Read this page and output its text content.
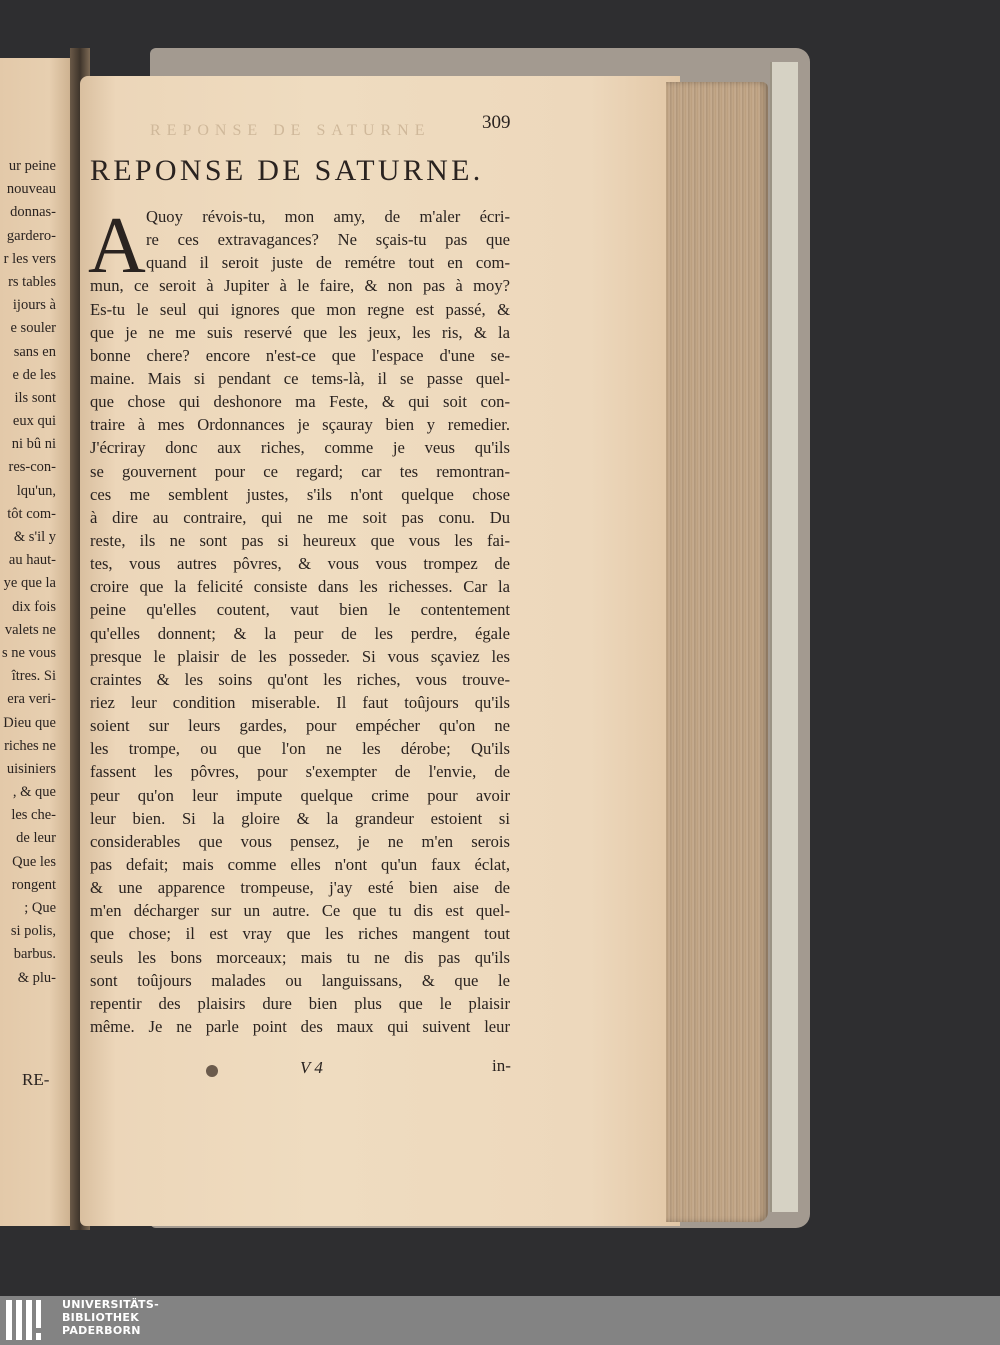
ur peine
nouveau
donnas-
gardero-
r les vers
rs tables
ijours à
e souler
sans en
e de les
ils sont
eux qui
ni bû ni
res-con-
lqu'un,
tôt com-
& s'il y
au haut-
ye que la
dix fois
valets ne
s ne vous
îtres. Si
era veri-
Dieu que
riches ne
uisiniers
, & que
les che-
de leur
Que les
rongent
; Que
si polis,
barbus.
& plu-
RE-
REPONSE DE SATURNE	309
REPONSE DE SATURNE.
A Quoy révois-tu, mon amy, de m'aler écri-
re ces extravagances? Ne sçais-tu pas que
quand il seroit juste de remétre tout en com-
mun, ce seroit à Jupiter à le faire, & non pas à moy?
Es-tu le seul qui ignores que mon regne est passé, &
que je ne me suis reservé que les jeux, les ris, & la
bonne chere? encore n'est-ce que l'espace d'une se-
maine. Mais si pendant ce tems-là, il se passe quel-
que chose qui deshonore ma Feste, & qui soit con-
traire à mes Ordonnances je sçauray bien y remedier.
J'écriray donc aux riches, comme je veus qu'ils
se gouvernent pour ce regard; car tes remontran-
ces me semblent justes, s'ils n'ont quelque chose
à dire au contraire, qui ne me soit pas conu. Du
reste, ils ne sont pas si heureux que vous les fai-
tes, vous autres pôvres, & vous vous trompez de
croire que la felicité consiste dans les richesses. Car la
peine qu'elles coutent, vaut bien le contentement
qu'elles donnent; & la peur de les perdre, égale
presque le plaisir de les posseder. Si vous sçaviez les
craintes & les soins qu'ont les riches, vous trouve-
riez leur condition miserable. Il faut toûjours qu'ils
soient sur leurs gardes, pour empécher qu'on ne
les trompe, ou que l'on ne les dérobe; Qu'ils
fassent les pôvres, pour s'exempter de l'envie, de
peur qu'on leur impute quelque crime pour avoir
leur bien. Si la gloire & la grandeur estoient si
considerables que vous pensez, je ne m'en serois
pas defait; mais comme elles n'ont qu'un faux éclat,
& une apparence trompeuse, j'ay esté bien aise de
m'en décharger sur un autre. Ce que tu dis est quel-
que chose; il est vray que les riches mangent tout
seuls les bons morceaux; mais tu ne dis pas qu'ils
sont toûjours malades ou languissans, & que le
repentir des plaisirs dure bien plus que le plaisir
même. Je ne parle point des maux qui suivent leur
V 4	in-
UNIVERSITÄTS-
BIBLIOTHEK
PADERBORN
